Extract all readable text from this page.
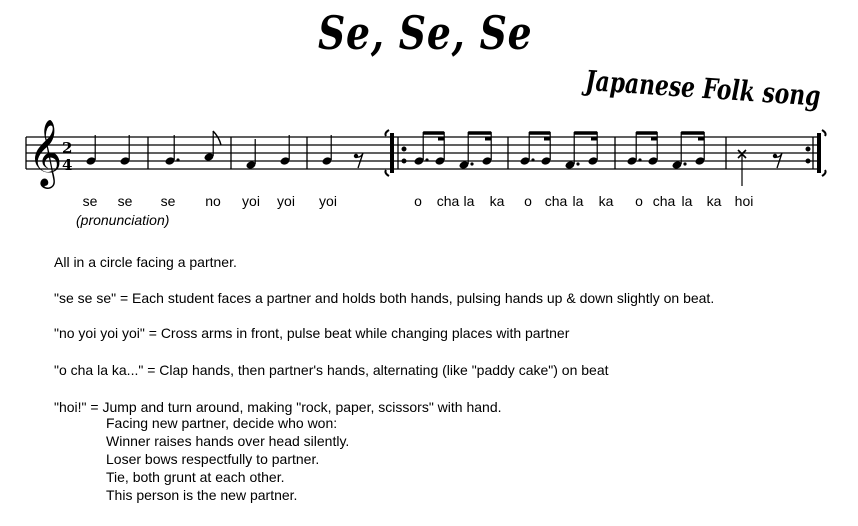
Se, Se, Se
Japanese Folk song
𝄞 2
4
se se se no yoi yoi yoi	o cha la ka o cha la ka o cha la ka hoi
(pronunciation)
All in a circle facing a partner.
"se se se" = Each student faces a partner and holds both hands, pulsing hands up & down slightly on beat.
"no yoi yoi yoi" = Cross arms in front, pulse beat while changing places with partner
"o cha la ka..." = Clap hands, then partner's hands, alternating (like "paddy cake") on beat
"hoi!" = Jump and turn around, making "rock, paper, scissors" with hand.
Facing new partner, decide who won:
Winner raises hands over head silently.
Loser bows respectfully to partner.
Tie, both grunt at each other.
This person is the new partner.
